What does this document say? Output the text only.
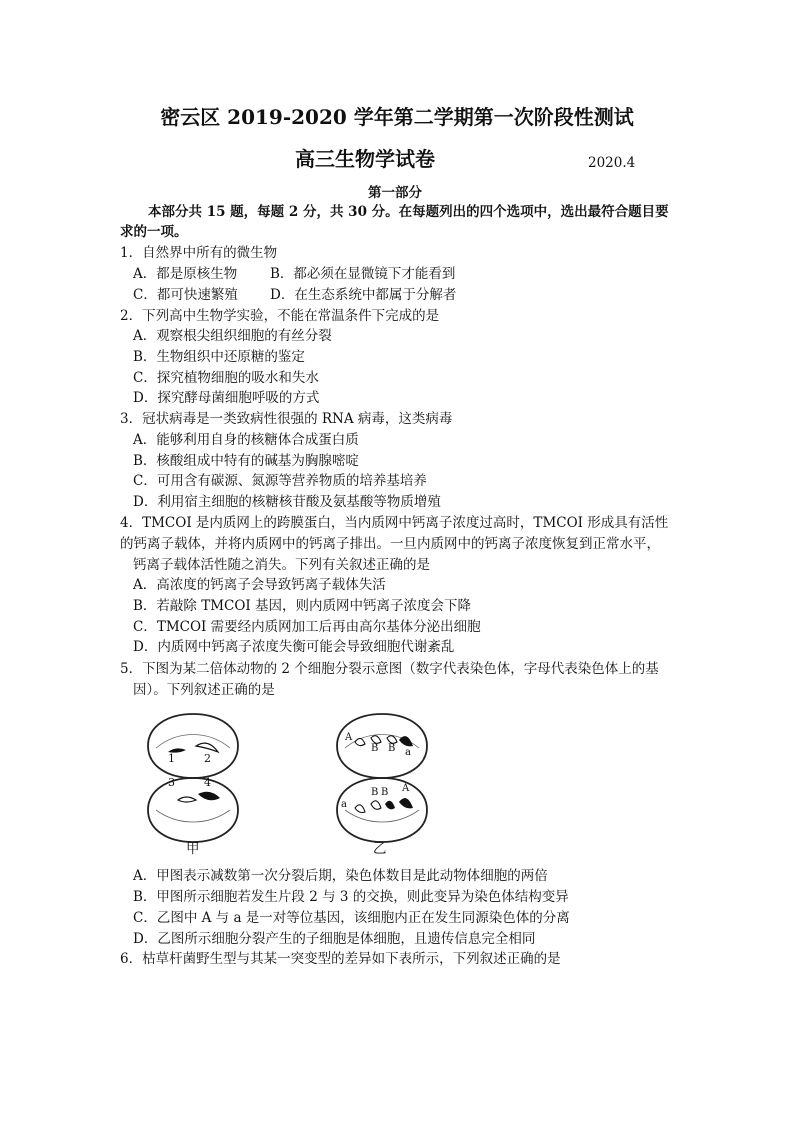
密云区 2019-2020 学年第二学期第一次阶段性测试
高三生物学试卷	2020.4
第一部分
本部分共 15 题，每题 2 分，共 30 分。在每题列出的四个选项中，选出最符合题目要
求的一项。
1．自然界中所有的微生物
A．都是原核生物 B．都必须在显微镜下才能看到
C．都可快速繁殖 D．在生态系统中都属于分解者
2．下列高中生物学实验，不能在常温条件下完成的是
A．观察根尖组织细胞的有丝分裂
B．生物组织中还原糖的鉴定
C．探究植物细胞的吸水和失水
D．探究酵母菌细胞呼吸的方式
3．冠状病毒是一类致病性很强的 RNA 病毒，这类病毒
A．能够利用自身的核糖体合成蛋白质
B．核酸组成中特有的碱基为胸腺嘧啶
C．可用含有碳源、氮源等营养物质的培养基培养
D．利用宿主细胞的核糖核苷酸及氨基酸等物质增殖
4．TMCOI 是内质网上的跨膜蛋白，当内质网中钙离子浓度过高时，TMCOI 形成具有活性
的钙离子载体，并将内质网中的钙离子排出。一旦内质网中的钙离子浓度恢复到正常水平，
钙离子载体活性随之消失。下列有关叙述正确的是
A．高浓度的钙离子会导致钙离子载体失活
B．若敲除 TMCOI 基因，则内质网中钙离子浓度会下降
C．TMCOI 需要经内质网加工后再由高尔基体分泌出细胞
D．内质网中钙离子浓度失衡可能会导致细胞代谢紊乱
5．下图为某二倍体动物的 2 个细胞分裂示意图（数字代表染色体，字母代表染色体上的基
因）。下列叙述正确的是
1	2
3	4
甲
A
B B a
a
B B A
乙
A．甲图表示减数第一次分裂后期，染色体数目是此动物体细胞的两倍
B．甲图所示细胞若发生片段 2 与 3 的交换，则此变异为染色体结构变异
C．乙图中 A 与 a 是一对等位基因，该细胞内正在发生同源染色体的分离
D．乙图所示细胞分裂产生的子细胞是体细胞，且遗传信息完全相同
6．枯草杆菌野生型与其某一突变型的差异如下表所示，下列叙述正确的是
